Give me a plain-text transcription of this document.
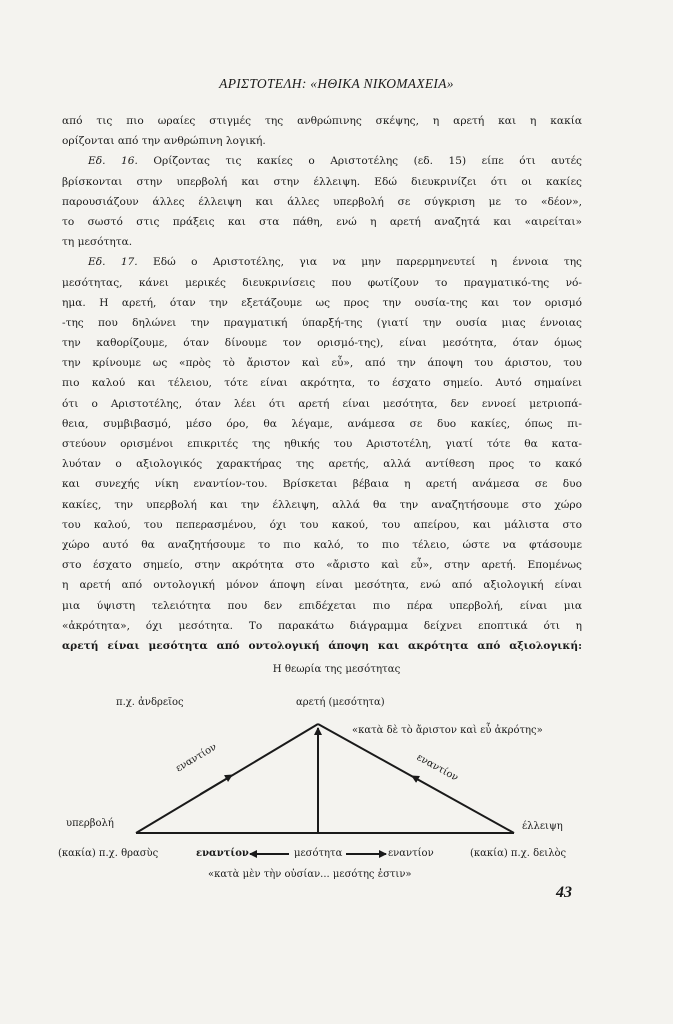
ΑΡΙΣΤΟΤΕΛΗ: «ΗΘΙΚΑ ΝΙΚΟΜΑΧΕΙΑ»
από τις πιο ωραίες στιγμές της ανθρώπινης σκέψης, η αρετή και η κακία
ορίζονται από την ανθρώπινη λογική.
Εδ. 16. Ορίζοντας τις κακίες ο Αριστοτέλης (εδ. 15) είπε ότι αυτές
βρίσκονται στην υπερβολή και στην έλλειψη. Εδώ διευκρινίζει ότι οι κακίες
παρουσιάζουν άλλες έλλειψη και άλλες υπερβολή σε σύγκριση με το «δέον»,
το σωστό στις πράξεις και στα πάθη, ενώ η αρετή αναζητά και «αιρείται»
τη μεσότητα.
Εδ. 17. Εδώ ο Αριστοτέλης, για να μην παρερμηνευτεί η έννοια της
μεσότητας, κάνει μερικές διευκρινίσεις που φωτίζουν το πραγματικό-της νό-
ημα. Η αρετή, όταν την εξετάζουμε ως προς την ουσία-της και τον ορισμό
-της που δηλώνει την πραγματική ύπαρξή-της (γιατί την ουσία μιας έννοιας
την καθορίζουμε, όταν δίνουμε τον ορισμό-της), είναι μεσότητα, όταν όμως
την κρίνουμε ως «πρὸς τὸ ἄριστον καὶ εὖ», από την άποψη του άριστου, του
πιο καλού και τέλειου, τότε είναι ακρότητα, το έσχατο σημείο. Αυτό σημαίνει
ότι ο Αριστοτέλης, όταν λέει ότι αρετή είναι μεσότητα, δεν εννοεί μετριοπά-
θεια, συμβιβασμό, μέσο όρο, θα λέγαμε, ανάμεσα σε δυο κακίες, όπως πι-
στεύουν ορισμένοι επικριτές της ηθικής του Αριστοτέλη, γιατί τότε θα κατα-
λυόταν ο αξιολογικός χαρακτήρας της αρετής, αλλά αντίθεση προς το κακό
και συνεχής νίκη εναντίον-του. Βρίσκεται βέβαια η αρετή ανάμεσα σε δυο
κακίες, την υπερβολή και την έλλειψη, αλλά θα την αναζητήσουμε στο χώρο
του καλού, του πεπερασμένου, όχι του κακού, του απείρου, και μάλιστα στο
χώρο αυτό θα αναζητήσουμε το πιο καλό, το πιο τέλειο, ώστε να φτάσουμε
στο έσχατο σημείο, στην ακρότητα στο «ἄριστο καὶ εὖ», στην αρετή. Επομένως
η αρετή από οντολογική μόνον άποψη είναι μεσότητα, ενώ από αξιολογική είναι
μια ύψιστη τελειότητα που δεν επιδέχεται πιο πέρα υπερβολή, είναι μια
«ἀκρότητα», όχι μεσότητα. Το παρακάτω διάγραμμα δείχνει εποπτικά ότι η
αρετή είναι μεσότητα από οντολογική άποψη και ακρότητα από αξιολογική:
Η θεωρία της μεσότητας
π.χ. ἀνδρεῖος	αρετή (μεσότητα)
«κατὰ δὲ τὸ ἄριστον καὶ εὖ ἀκρότης»
εναντίον	εναντίον
υπερβολή	έλλειψη
(κακία) π.χ. θρασὺς	εναντίον	μεσότητα	εναντίον	(κακία) π.χ. δειλὸς
«κατὰ μὲν τὴν οὐσίαν... μεσότης ἐστιν»
43
